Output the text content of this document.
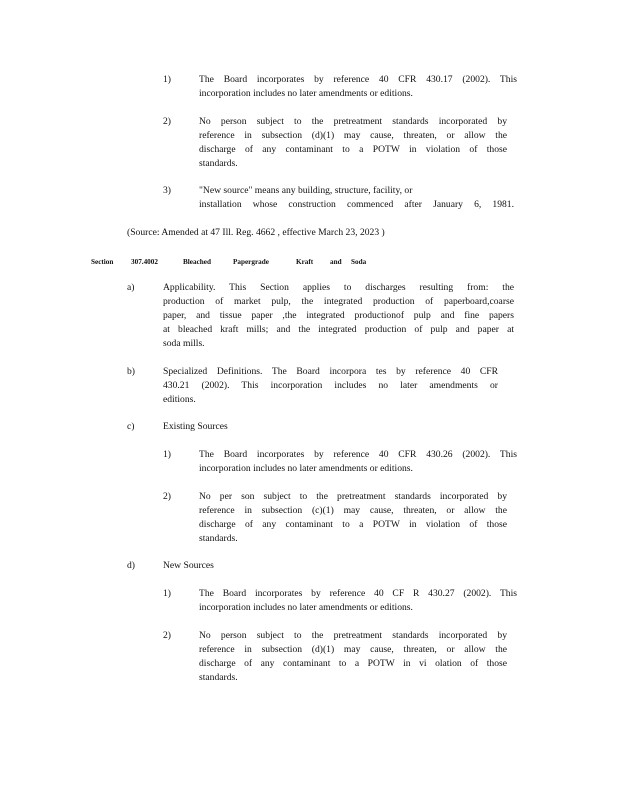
1)	The Board incorporates by reference 40 CFR 430.17 (2002). This
incorporation includes no later amendments or editions.
2)	No person subject to the pretreatment standards incorporated by
reference in subsection (d)(1) may cause, threaten, or allow the
discharge of any contaminant to a POTW in violation of those
standards.
3)	"New source" means any building, structure, facility, or
installation whose construction commenced after January 6, 1981.
(Source: Amended at 47 Ill. Reg. 4662 , effective March 23, 2023 )
Section 307.4002	Bleached	Papergrade	Kraft and Soda
a)	Applicability. This Section applies to discharges resulting from: the
production of market pulp, the integrated production of paperboard,coarse
paper, and tissue paper ,the integrated productionof pulp and fine papers
at bleached kraft mills; and the integrated production of pulp and paper at
soda mills.
b)	Specialized Definitions. The Board incorpora tes by reference 40 CFR
430.21 (2002). This incorporation includes no later amendments or
editions.
c)	Existing Sources
1)	The Board incorporates by reference 40 CFR 430.26 (2002). This
incorporation includes no later amendments or editions.
2)	No per son subject to the pretreatment standards incorporated by
reference in subsection (c)(1) may cause, threaten, or allow the
discharge of any contaminant to a POTW in violation of those
standards.
d)	New Sources
1)	The Board incorporates by reference 40 CF R 430.27 (2002). This
incorporation includes no later amendments or editions.
2)	No person subject to the pretreatment standards incorporated by
reference in subsection (d)(1) may cause, threaten, or allow the
discharge of any contaminant to a POTW in vi olation of those
standards.
